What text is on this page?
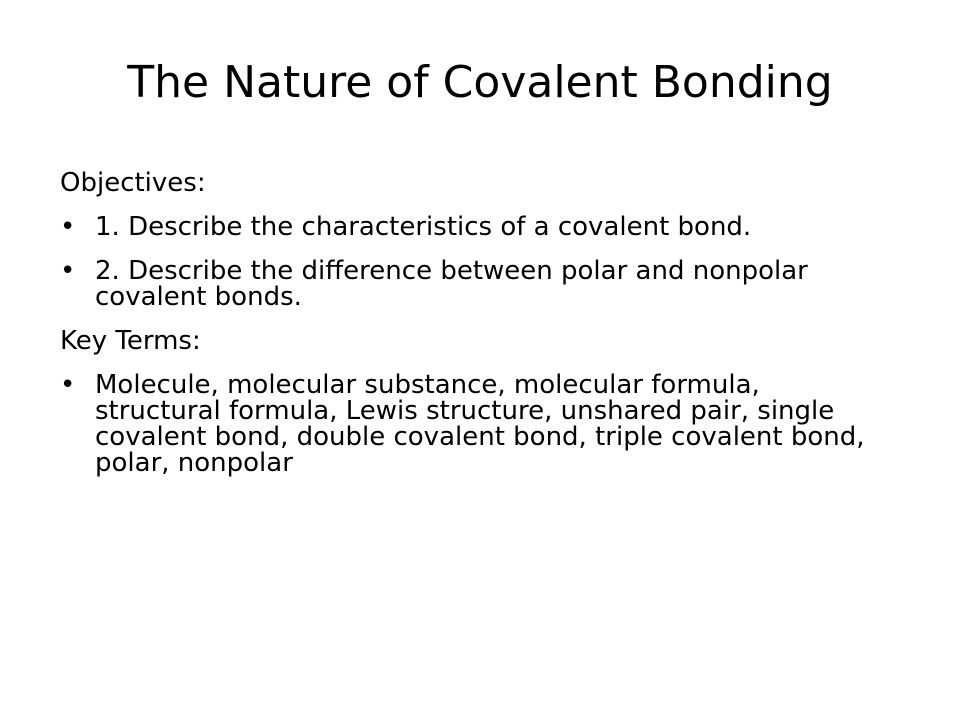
The Nature of Covalent Bonding

Objectives:

• 1. Describe the characteristics of a covalent bond.
• 2. Describe the difference between polar and nonpolar covalent bonds.

Key Terms:

• Molecule, molecular substance, molecular formula, structural formula, Lewis structure, unshared pair, single covalent bond, double covalent bond, triple covalent bond, polar, nonpolar
